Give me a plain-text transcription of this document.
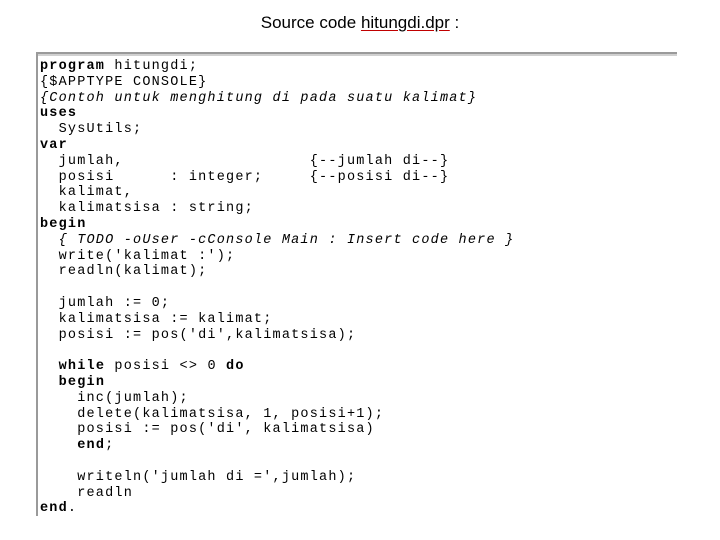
Source code hitungdi.dpr :
program hitungdi;
{$APPTYPE CONSOLE}
{Contoh untuk menghitung di pada suatu kalimat}
uses
SysUtils;
var
jumlah,                    {--jumlah di--}
posisi      : integer;     {--posisi di--}
kalimat,
kalimatsisa : string;
begin
{ TODO -oUser -cConsole Main : Insert code here }
write('kalimat :');
readln(kalimat);
jumlah := 0;
kalimatsisa := kalimat;
posisi := pos('di',kalimatsisa);
while posisi <> 0 do
begin
inc(jumlah);
delete(kalimatsisa, 1, posisi+1);
posisi := pos('di', kalimatsisa)
end;
writeln('jumlah di =',jumlah);
readln
end.
